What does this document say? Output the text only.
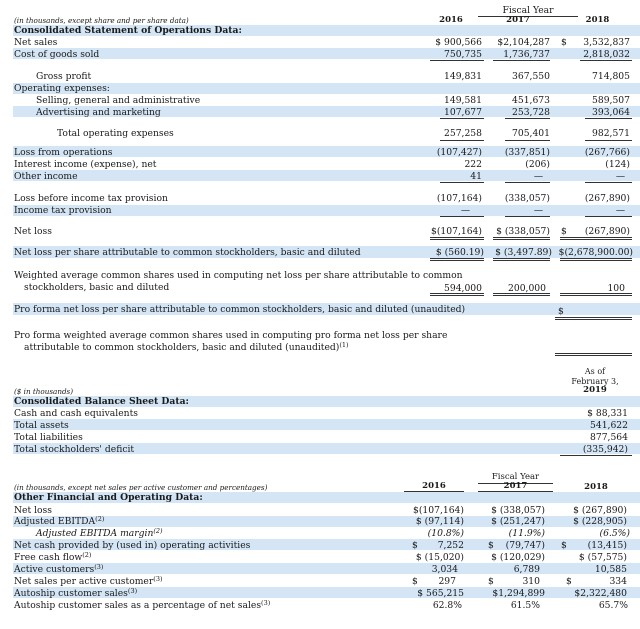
Fiscal Year
(in thousands, except share and per share data)	2016	2017	2018
Consolidated Statement of Operations Data:
Net sales	$ 900,566	$2,104,287 $	3,532,837
Cost of goods sold	750,735	1,736,737	2,818,032
Gross profit	149,831	367,550	714,805
Operating expenses:
Selling, general and administrative	149,581	451,673	589,507
Advertising and marketing	107,677	253,728	393,064
Total operating expenses	257,258	705,401	982,571
Loss from operations	(107,427)	(337,851)	(267,766)
Interest income (expense), net	222	(206)	(124)
Other income	41	—	—
Loss before income tax provision	(107,164)	(338,057)	(267,890)
Income tax provision	—	—	—
Net loss	$(107,164)	$ (338,057) $	(267,890)
Net loss per share attributable to common stockholders, basic and diluted	$ (560.19)	$ (3,497.89) $(2,678,900.00)
Weighted average common shares used in computing net loss per share attributable to common
stockholders, basic and diluted	594,000	200,000	100
Pro forma net loss per share attributable to common stockholders, basic and diluted (unaudited)	$
Pro forma weighted average common shares used in computing pro forma net loss per share
attributable to common stockholders, basic and diluted (unaudited)$^{(1)}$
As of
February 3,
($ in thousands)	2019
Consolidated Balance Sheet Data:
Cash and cash equivalents	$ 88,331
Total assets	541,622
Total liabilities	877,564
Total stockholders' deficit	(335,942)
Fiscal Year
(in thousands, except net sales per active customer and percentages)	2016	2017	2018
Other Financial and Operating Data:
Net loss	$(107,164)	$ (338,057)	$ (267,890)
Adjusted EBITDA$^{(2)}$	$ (97,114)	$ (251,247)	$ (228,905)
Adjusted EBITDA margin$^{(2)}$	(10.8%)	(11.9%)	(6.5%)
Net cash provided by (used in) operating activities	$	7,252	$	(79,747) $	(13,415)
Free cash flow$^{(2)}$	$ (15,020)	$ (120,029)	$ (57,575)
Active customers$^{(3)}$	3,034	6,789	10,585
Net sales per active customer$^{(3)}$	$	297	$	310	$	334
Autoship customer sales$^{(3)}$	$ 565,215	$1,294,899	$2,322,480
Autoship customer sales as a percentage of net sales$^{(3)}$	62.8%	61.5%	65.7%
